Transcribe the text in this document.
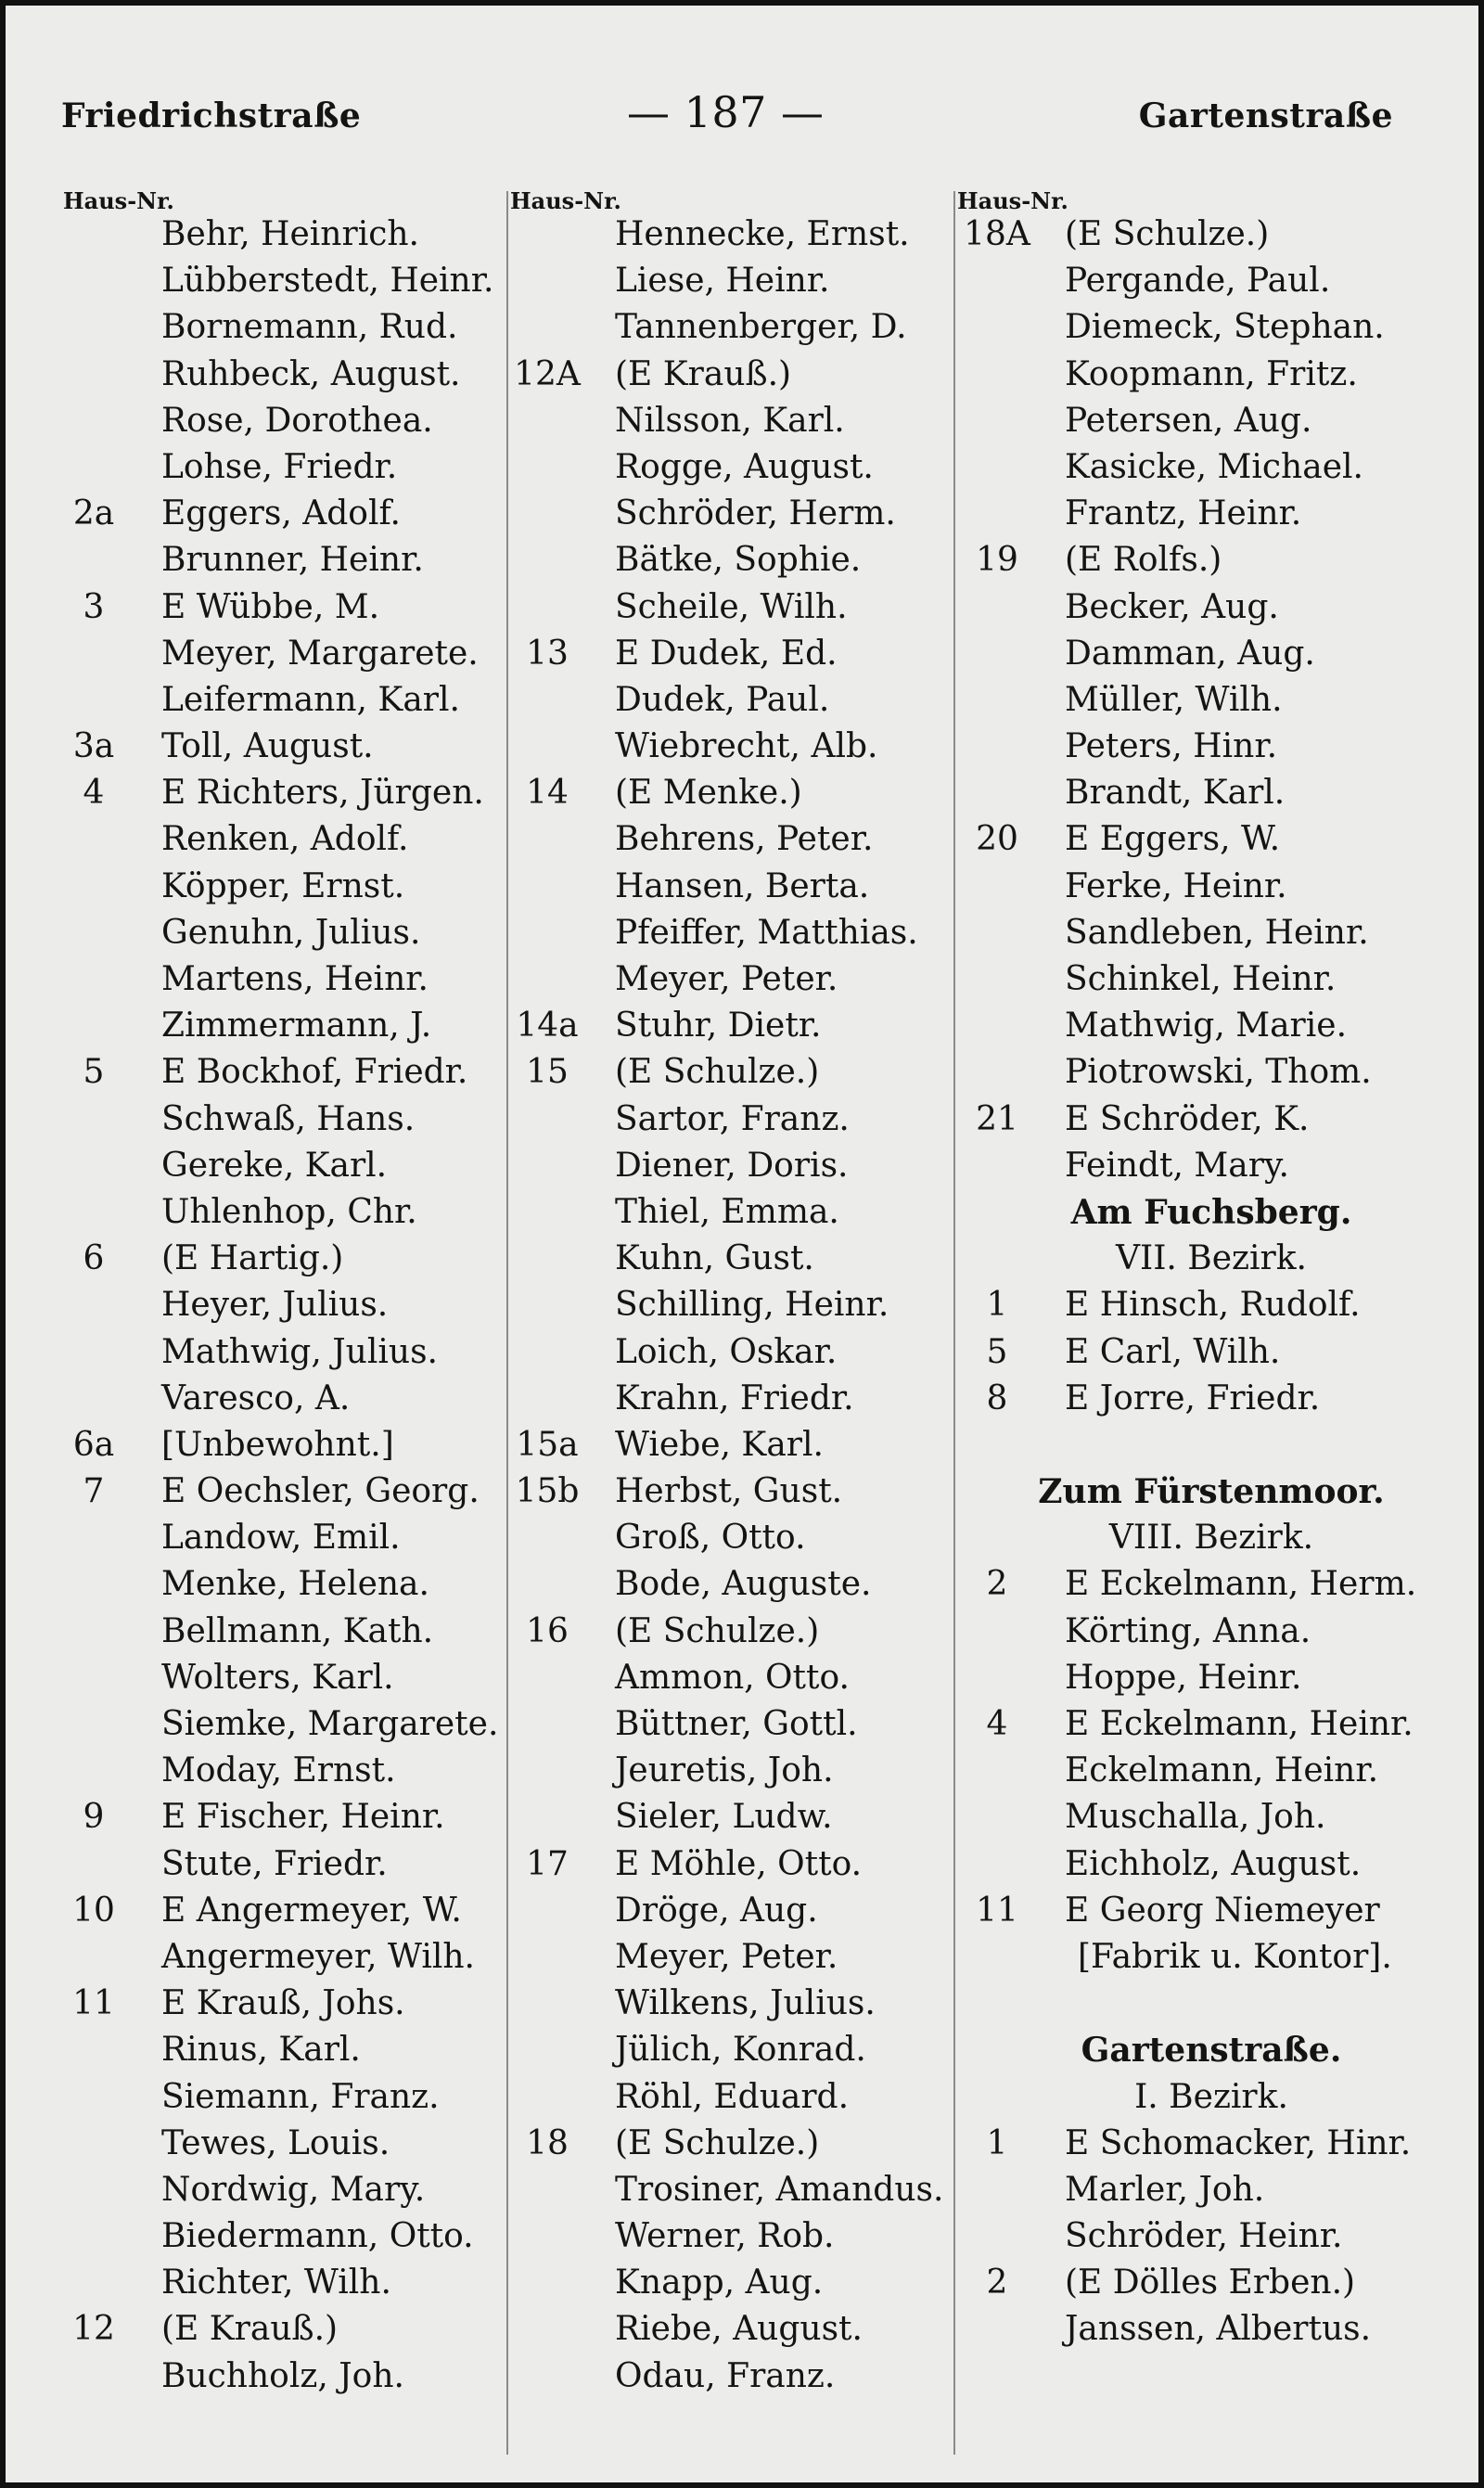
Friedrichstraße	— 187 —	Gartenstraße
Haus-Nr.	Haus-Nr.	Haus-Nr.
Behr, Heinrich.
Lübberstedt, Heinr.
Bornemann, Rud.
Ruhbeck, August.
Rose, Dorothea.
Lohse, Friedr.
2a	Eggers, Adolf.
Brunner, Heinr.
3	E Wübbe, M.
Meyer, Margarete.
Leifermann, Karl.
3a	Toll, August.
4	E Richters, Jürgen.
Renken, Adolf.
Köpper, Ernst.
Genuhn, Julius.
Martens, Heinr.
Zimmermann, J.
5	E Bockhof, Friedr.
Schwaß, Hans.
Gereke, Karl.
Uhlenhop, Chr.
6	(E Hartig.)
Heyer, Julius.
Mathwig, Julius.
Varesco, A.
6a	[Unbewohnt.]
7	E Oechsler, Georg.
Landow, Emil.
Menke, Helena.
Bellmann, Kath.
Wolters, Karl.
Siemke, Margarete.
Moday, Ernst.
9	E Fischer, Heinr.
Stute, Friedr.
10	E Angermeyer, W.
Angermeyer, Wilh.
11	E Krauß, Johs.
Rinus, Karl.
Siemann, Franz.
Tewes, Louis.
Nordwig, Mary.
Biedermann, Otto.
Richter, Wilh.
12	(E Krauß.)
Buchholz, Joh.
Hennecke, Ernst.
Liese, Heinr.
Tannenberger, D.
12A (E Krauß.)
Nilsson, Karl.
Rogge, August.
Schröder, Herm.
Bätke, Sophie.
Scheile, Wilh.
13	E Dudek, Ed.
Dudek, Paul.
Wiebrecht, Alb.
14	(E Menke.)
Behrens, Peter.
Hansen, Berta.
Pfeiffer, Matthias.
Meyer, Peter.
14a Stuhr, Dietr.
15	(E Schulze.)
Sartor, Franz.
Diener, Doris.
Thiel, Emma.
Kuhn, Gust.
Schilling, Heinr.
Loich, Oskar.
Krahn, Friedr.
15a Wiebe, Karl.
15b Herbst, Gust.
Groß, Otto.
Bode, Auguste.
16	(E Schulze.)
Ammon, Otto.
Büttner, Gottl.
Jeuretis, Joh.
Sieler, Ludw.
17	E Möhle, Otto.
Dröge, Aug.
Meyer, Peter.
Wilkens, Julius.
Jülich, Konrad.
Röhl, Eduard.
18	(E Schulze.)
Trosiner, Amandus.
Werner, Rob.
Knapp, Aug.
Riebe, August.
Odau, Franz.
18A (E Schulze.)
Pergande, Paul.
Diemeck, Stephan.
Koopmann, Fritz.
Petersen, Aug.
Kasicke, Michael.
Frantz, Heinr.
19	(E Rolfs.)
Becker, Aug.
Damman, Aug.
Müller, Wilh.
Peters, Hinr.
Brandt, Karl.
20	E Eggers, W.
Ferke, Heinr.
Sandleben, Heinr.
Schinkel, Heinr.
Mathwig, Marie.
Piotrowski, Thom.
21	E Schröder, K.
Feindt, Mary.
Am Fuchsberg.
VII. Bezirk.
1	E Hinsch, Rudolf.
5	E Carl, Wilh.
8	E Jorre, Friedr.
Zum Fürstenmoor.
VIII. Bezirk.
2	E Eckelmann, Herm.
Körting, Anna.
Hoppe, Heinr.
4	E Eckelmann, Heinr.
Eckelmann, Heinr.
Muschalla, Joh.
Eichholz, August.
11	E Georg Niemeyer
[Fabrik u. Kontor].
Gartenstraße.
I. Bezirk.
1	E Schomacker, Hinr.
Marler, Joh.
Schröder, Heinr.
2	(E Dölles Erben.)
Janssen, Albertus.
